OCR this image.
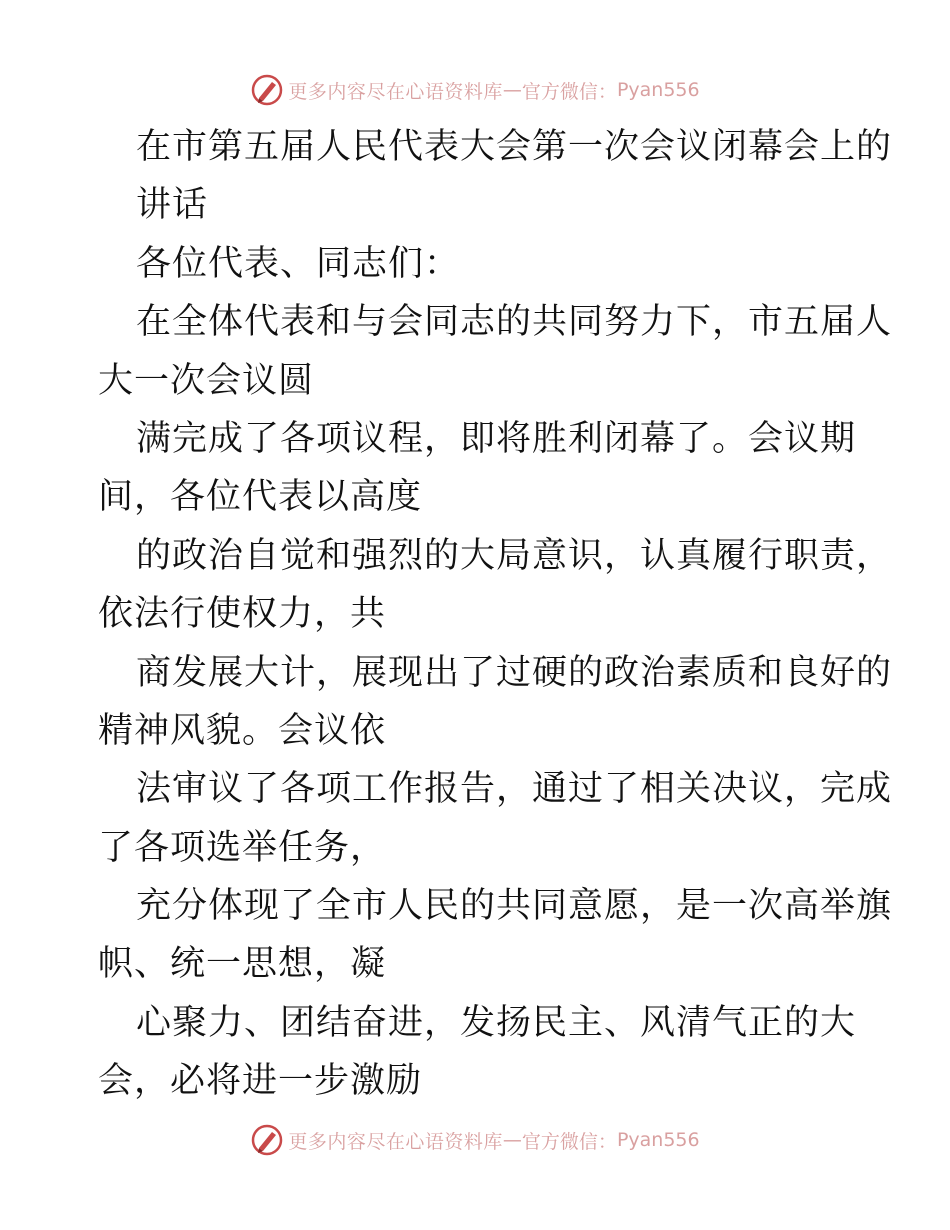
更多内容尽在心语资料库 — 官方微信： Pyan556
在市第五届人民代表大会第一次会议闭幕会上的
讲话
各位代表、同志们：
在全体代表和与会同志的共同努力下，市五届人
大一次会议圆
满完成了各项议程，即将胜利闭幕了。会议期
间，各位代表以高度
的政治自觉和强烈的大局意识，认真履行职责，
依法行使权力，共
商发展大计，展现出了过硬的政治素质和良好的
精神风貌。会议依
法审议了各项工作报告，通过了相关决议，完成
了各项选举任务，
充分体现了全市人民的共同意愿，是一次高举旗
帜、统一思想，凝
心聚力、团结奋进，发扬民主、风清气正的大
会，必将进一步激励
更多内容尽在心语资料库 — 官方微信： Pyan556
